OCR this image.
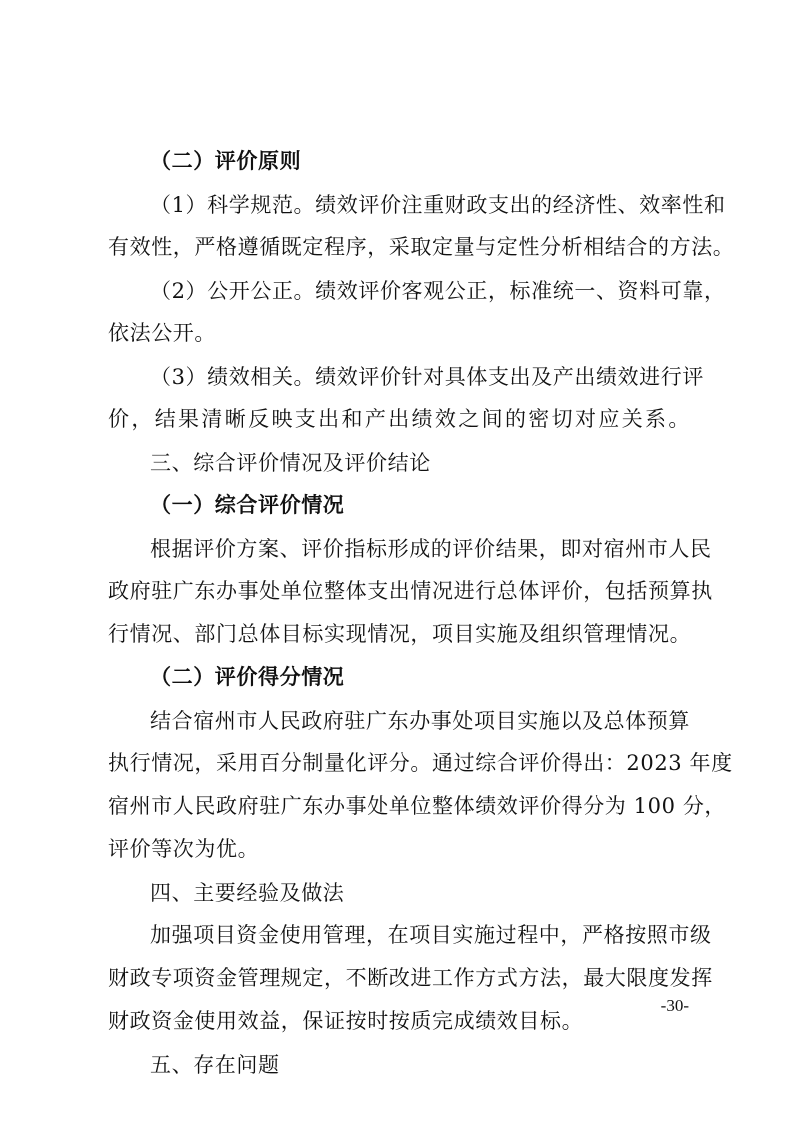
（二）评价原则

（1）科学规范。绩效评价注重财政支出的经济性、效率性和

有效性，严格遵循既定程序，采取定量与定性分析相结合的方法。

（2）公开公正。绩效评价客观公正，标准统一、资料可靠，

依法公开。

（3）绩效相关。绩效评价针对具体支出及产出绩效进行评

价，结果清晰反映支出和产出绩效之间的密切对应关系。

三、综合评价情况及评价结论

（一）综合评价情况

根据评价方案、评价指标形成的评价结果，即对宿州市人民

政府驻广东办事处单位整体支出情况进行总体评价，包括预算执

行情况、部门总体目标实现情况，项目实施及组织管理情况。

（二）评价得分情况

结合宿州市人民政府驻广东办事处项目实施以及总体预算

执行情况，采用百分制量化评分。通过综合评价得出：2023 年度

宿州市人民政府驻广东办事处单位整体绩效评价得分为 100 分，

评价等次为优。

四、主要经验及做法

加强项目资金使用管理，在项目实施过程中，严格按照市级

财政专项资金管理规定，不断改进工作方式方法，最大限度发挥

财政资金使用效益，保证按时按质完成绩效目标。

五、存在问题

-30-
